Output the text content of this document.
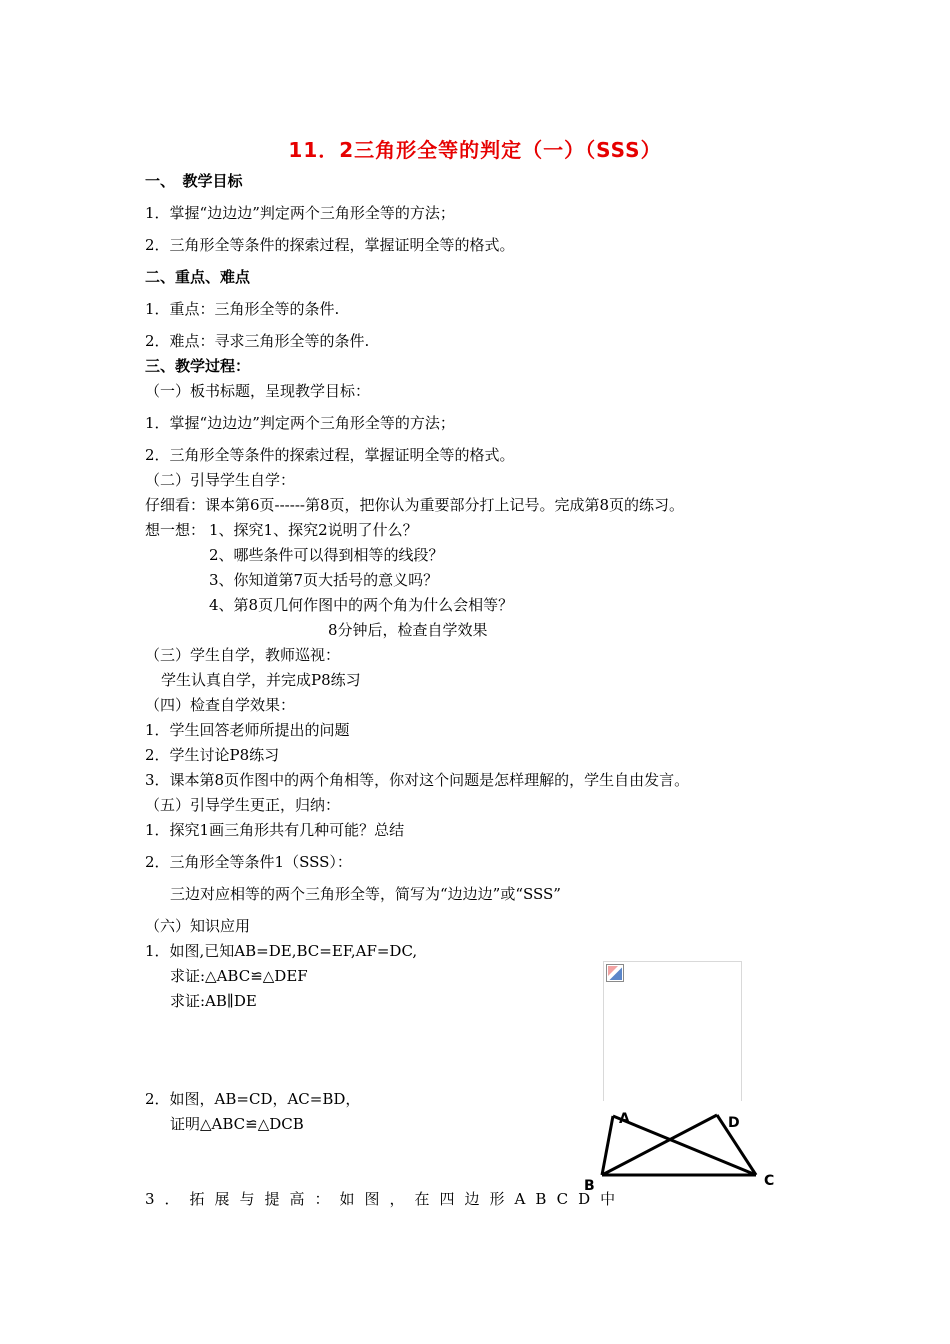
11．2三角形全等的判定（一）（SSS）
一、　教学目标
1．掌握“边边边”判定两个三角形全等的方法；
2．三角形全等条件的探索过程，掌握证明全等的格式。
二、重点、难点
1．重点：三角形全等的条件.
2．难点：寻求三角形全等的条件.
三、教学过程：
（一）板书标题，呈现教学目标：
1．掌握“边边边”判定两个三角形全等的方法；
2．三角形全等条件的探索过程，掌握证明全等的格式。
（二）引导学生自学：
仔细看：课本第6页------第8页，把你认为重要部分打上记号。完成第8页的练习。
想一想： 1、探究1、探究2说明了什么？
2、哪些条件可以得到相等的线段？
3、你知道第7页大括号的意义吗？
4、第8页几何作图中的两个角为什么会相等？
8分钟后，检查自学效果
（三）学生自学，教师巡视：
学生认真自学，并完成P8练习
（四）检查自学效果：
1．学生回答老师所提出的问题
2．学生讨论P8练习
3．课本第8页作图中的两个角相等，你对这个问题是怎样理解的，学生自由发言。
（五）引导学生更正，归纳：
1．探究1画三角形共有几种可能？总结
2．三角形全等条件1（SSS）：
三边对应相等的两个三角形全等，简写为“边边边”或“SSS”
（六）知识应用
1．如图,已知AB=DE,BC=EF,AF=DC,
求证:△ABC≌△DEF
求证:AB∥DE
2．如图，AB=CD，AC=BD，
证明△ABC≌△DCB
3．拓展与提高：如图，在四边形ABCD中
A
B	C
D
